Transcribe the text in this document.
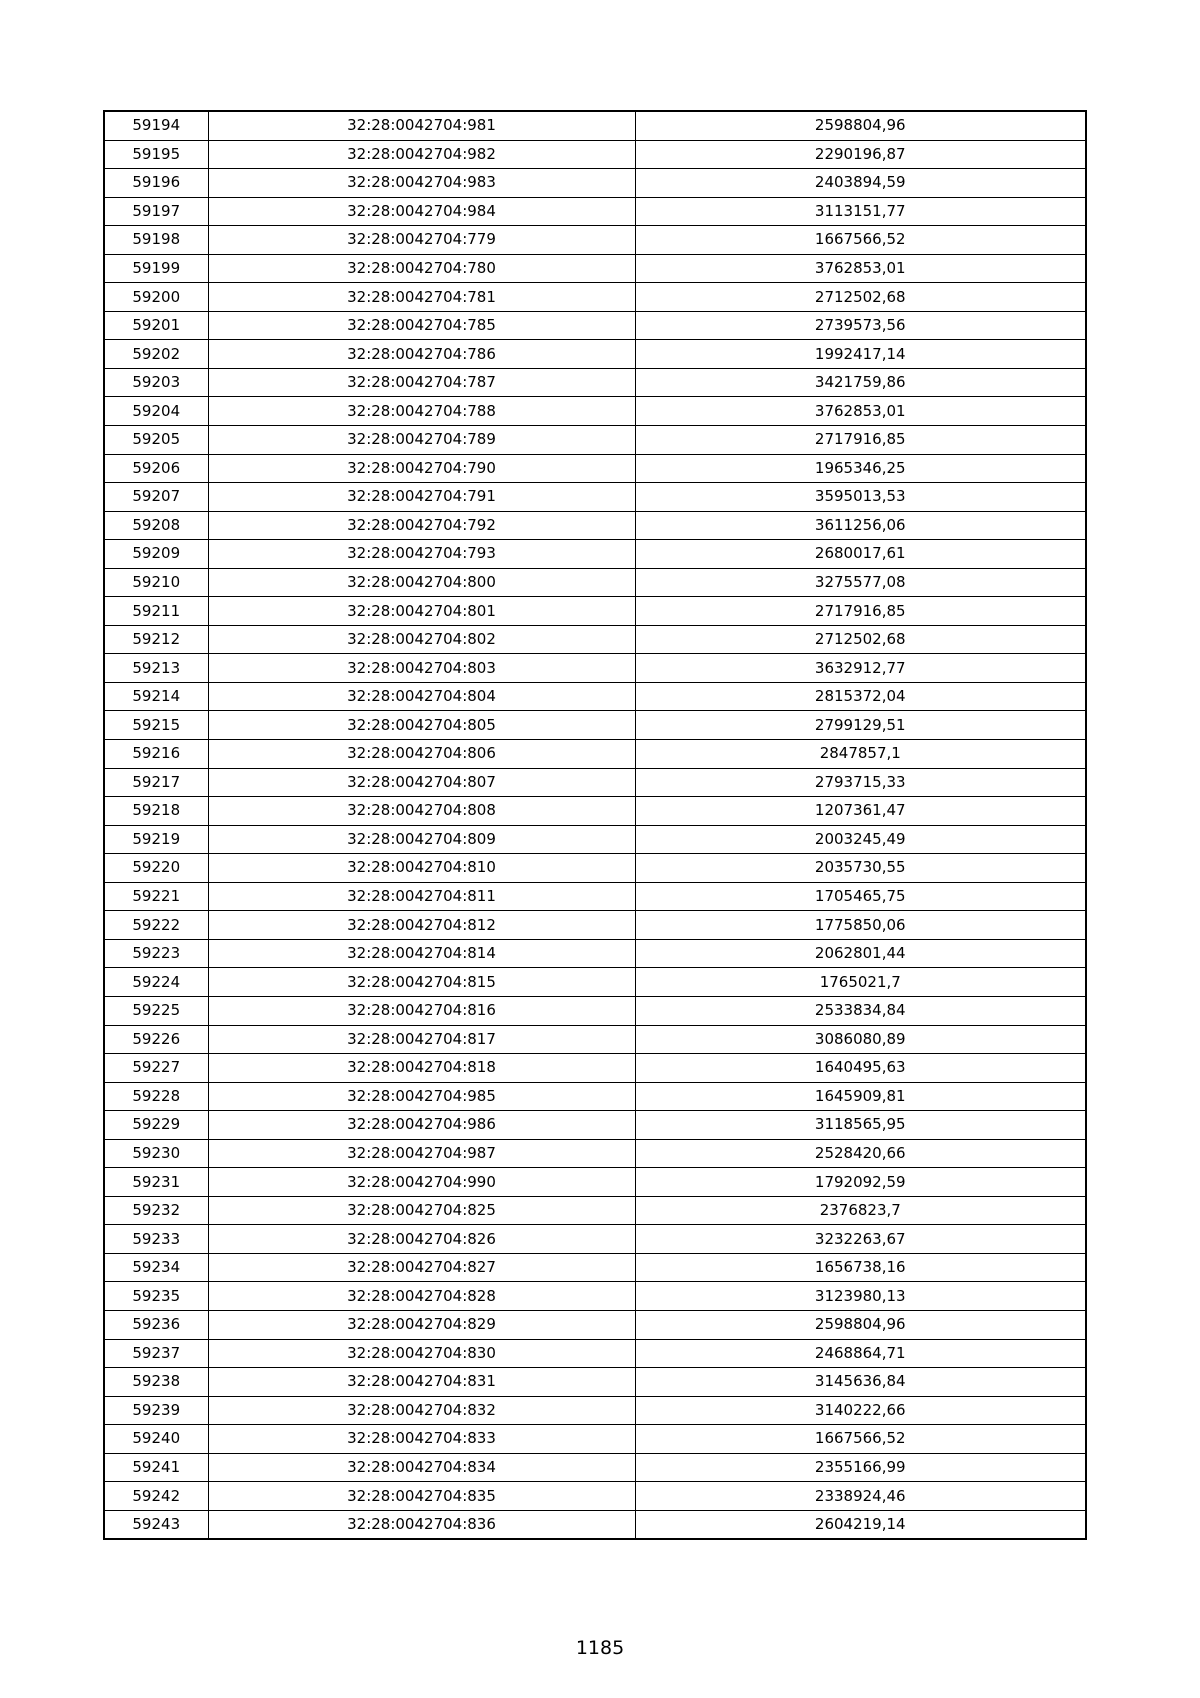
59194	32:28:0042704:981	2598804,96
59195	32:28:0042704:982	2290196,87
59196	32:28:0042704:983	2403894,59
59197	32:28:0042704:984	3113151,77
59198	32:28:0042704:779	1667566,52
59199	32:28:0042704:780	3762853,01
59200	32:28:0042704:781	2712502,68
59201	32:28:0042704:785	2739573,56
59202	32:28:0042704:786	1992417,14
59203	32:28:0042704:787	3421759,86
59204	32:28:0042704:788	3762853,01
59205	32:28:0042704:789	2717916,85
59206	32:28:0042704:790	1965346,25
59207	32:28:0042704:791	3595013,53
59208	32:28:0042704:792	3611256,06
59209	32:28:0042704:793	2680017,61
59210	32:28:0042704:800	3275577,08
59211	32:28:0042704:801	2717916,85
59212	32:28:0042704:802	2712502,68
59213	32:28:0042704:803	3632912,77
59214	32:28:0042704:804	2815372,04
59215	32:28:0042704:805	2799129,51
59216	32:28:0042704:806	2847857,1
59217	32:28:0042704:807	2793715,33
59218	32:28:0042704:808	1207361,47
59219	32:28:0042704:809	2003245,49
59220	32:28:0042704:810	2035730,55
59221	32:28:0042704:811	1705465,75
59222	32:28:0042704:812	1775850,06
59223	32:28:0042704:814	2062801,44
59224	32:28:0042704:815	1765021,7
59225	32:28:0042704:816	2533834,84
59226	32:28:0042704:817	3086080,89
59227	32:28:0042704:818	1640495,63
59228	32:28:0042704:985	1645909,81
59229	32:28:0042704:986	3118565,95
59230	32:28:0042704:987	2528420,66
59231	32:28:0042704:990	1792092,59
59232	32:28:0042704:825	2376823,7
59233	32:28:0042704:826	3232263,67
59234	32:28:0042704:827	1656738,16
59235	32:28:0042704:828	3123980,13
59236	32:28:0042704:829	2598804,96
59237	32:28:0042704:830	2468864,71
59238	32:28:0042704:831	3145636,84
59239	32:28:0042704:832	3140222,66
59240	32:28:0042704:833	1667566,52
59241	32:28:0042704:834	2355166,99
59242	32:28:0042704:835	2338924,46
59243	32:28:0042704:836	2604219,14
1185
